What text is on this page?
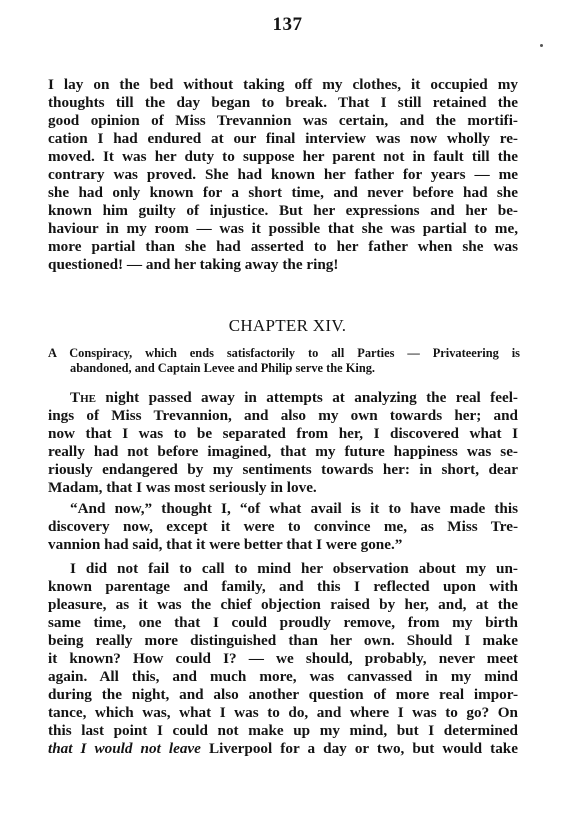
137
I lay on the bed without taking off my clothes, it occupied my
thoughts till the day began to break. That I still retained the
good opinion of Miss Trevannion was certain, and the mortifi-
cation I had endured at our final interview was now wholly re-
moved. It was her duty to suppose her parent not in fault till the
contrary was proved. She had known her father for years — me
she had only known for a short time, and never before had she
known him guilty of injustice. But her expressions and her be-
haviour in my room — was it possible that she was partial to me,
more partial than she had asserted to her father when she was
questioned! — and her taking away the ring!
CHAPTER XIV.
A Conspiracy, which ends satisfactorily to all Parties — Privateering is
abandoned, and Captain Levee and Philip serve the King.
The night passed away in attempts at analyzing the real feel-
ings of Miss Trevannion, and also my own towards her; and
now that I was to be separated from her, I discovered what I
really had not before imagined, that my future happiness was se-
riously endangered by my sentiments towards her: in short, dear
Madam, that I was most seriously in love.
“And now,” thought I, “of what avail is it to have made this
discovery now, except it were to convince me, as Miss Tre-
vannion had said, that it were better that I were gone.”
I did not fail to call to mind her observation about my un-
known parentage and family, and this I reflected upon with
pleasure, as it was the chief objection raised by her, and, at the
same time, one that I could proudly remove, from my birth
being really more distinguished than her own. Should I make
it known? How could I? — we should, probably, never meet
again. All this, and much more, was canvassed in my mind
during the night, and also another question of more real impor-
tance, which was, what I was to do, and where I was to go? On
this last point I could not make up my mind, but I determined
that I would not leave Liverpool for a day or two, but would take
